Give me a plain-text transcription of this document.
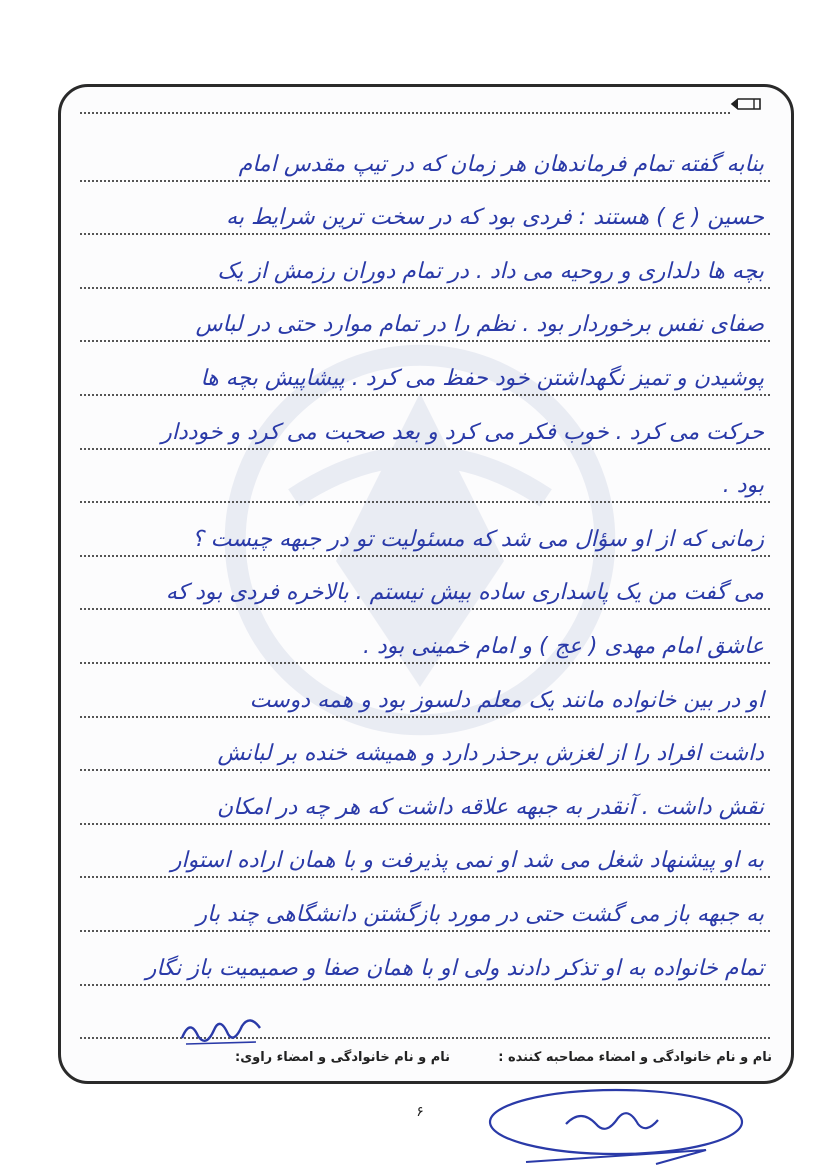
بنابه گفته تمام فرماندهان هر زمان که در تیپ مقدس امام
حسین ( ع ) هستند : فردی بود که در سخت ترین شرایط به
بچه ها دلداری و روحیه می داد . در تمام دوران رزمش از یک
صفای نفس برخوردار بود . نظم را در تمام موارد حتی در لباس
پوشیدن و تمیز نگهداشتن خود حفظ می کرد . پیشاپیش بچه ها
حرکت می کرد . خوب فکر می کرد و بعد صحبت می کرد و خوددار
بود .
زمانی که از او سؤال می شد که مسئولیت تو در جبهه چیست ؟
می گفت من یک پاسداری ساده بیش نیستم . بالاخره فردی بود که
عاشق امام مهدی ( عج ) و امام خمینی بود .
او در بین خانواده مانند یک معلم دلسوز بود و همه دوست
داشت افراد را از لغزش برحذر دارد و همیشه خنده بر لبانش
نقش داشت . آنقدر به جبهه علاقه داشت که هر چه در امکان
به او پیشنهاد شغل می شد او نمی پذیرفت و با همان اراده استوار
به جبهه باز می گشت حتی در مورد بازگشتن دانشگاهی چند بار
تمام خانواده به او تذکر دادند ولی او با همان صفا و صمیمیت باز نگار
نام و نام خانوادگی و امضاء مصاحبه کننده :
نام و نام خانوادگی و امضاء راوی:
۶
